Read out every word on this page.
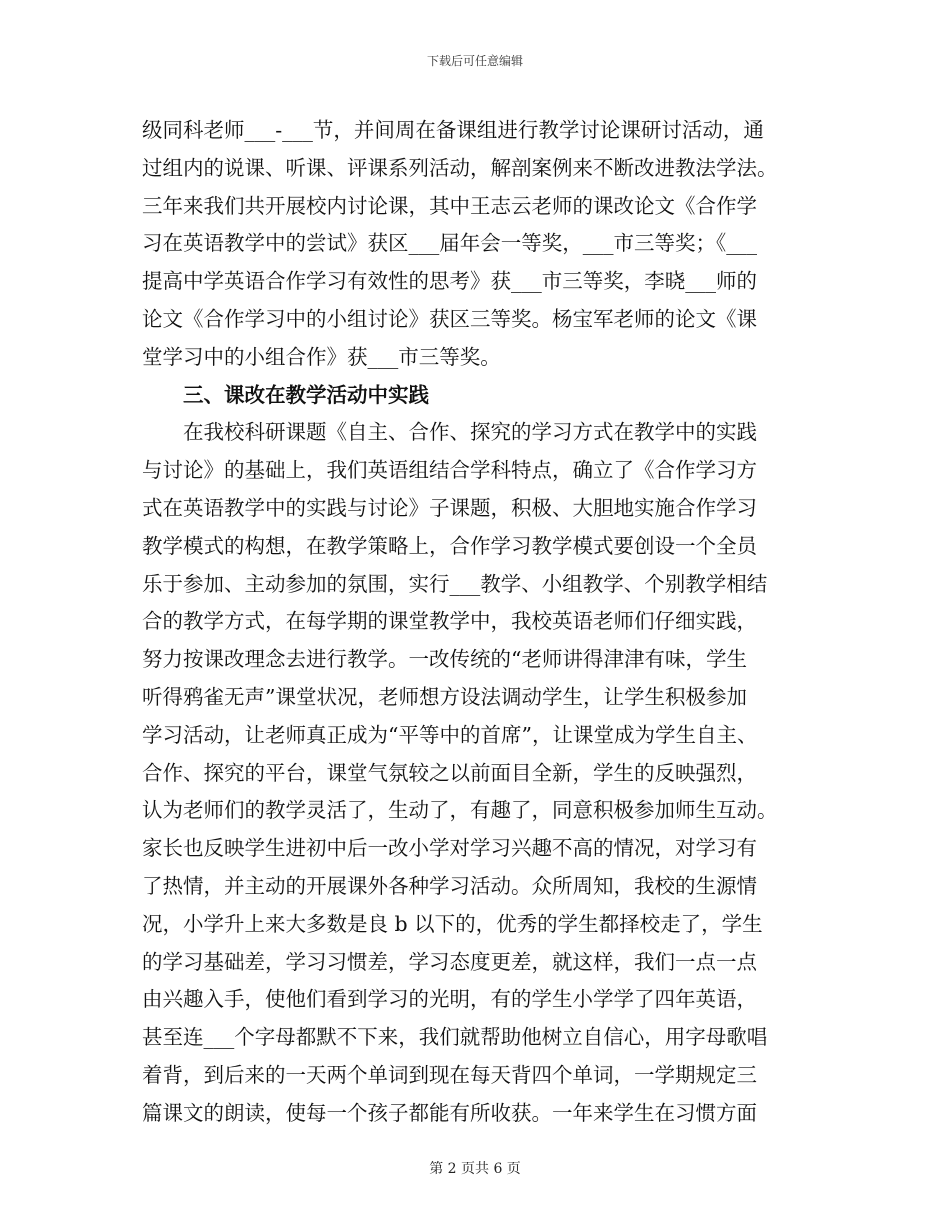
下载后可任意编辑
级同科老师___-___节，并间周在备课组进行教学讨论课研讨活动，通
过组内的说课、听课、评课系列活动，解剖案例来不断改进教法学法。
三年来我们共开展校内讨论课，其中王志云老师的课改论文《合作学
习在英语教学中的尝试》获区___届年会一等奖，___市三等奖；《___
提高中学英语合作学习有效性的思考》获___市三等奖，李晓___师的
论文《合作学习中的小组讨论》获区三等奖。杨宝军老师的论文《课
堂学习中的小组合作》获___市三等奖。
三、课改在教学活动中实践
在我校科研课题《自主、合作、探究的学习方式在教学中的实践
与讨论》的基础上，我们英语组结合学科特点，确立了《合作学习方
式在英语教学中的实践与讨论》子课题，积极、大胆地实施合作学习
教学模式的构想，在教学策略上，合作学习教学模式要创设一个全员
乐于参加、主动参加的氛围，实行___教学、小组教学、个别教学相结
合的教学方式，在每学期的课堂教学中，我校英语老师们仔细实践，
努力按课改理念去进行教学。一改传统的“老师讲得津津有味，学生
听得鸦雀无声”课堂状况，老师想方设法调动学生，让学生积极参加
学习活动，让老师真正成为“平等中的首席”，让课堂成为学生自主、
合作、探究的平台，课堂气氛较之以前面目全新，学生的反映强烈，
认为老师们的教学灵活了，生动了，有趣了，同意积极参加师生互动。
家长也反映学生进初中后一改小学对学习兴趣不高的情况，对学习有
了热情，并主动的开展课外各种学习活动。众所周知，我校的生源情
况，小学升上来大多数是良 b 以下的，优秀的学生都择校走了，学生
的学习基础差，学习习惯差，学习态度更差，就这样，我们一点一点
由兴趣入手，使他们看到学习的光明，有的学生小学学了四年英语，
甚至连___个字母都默不下来，我们就帮助他树立自信心，用字母歌唱
着背，到后来的一天两个单词到现在每天背四个单词，一学期规定三
篇课文的朗读，使每一个孩子都能有所收获。一年来学生在习惯方面
第 2 页共 6 页
